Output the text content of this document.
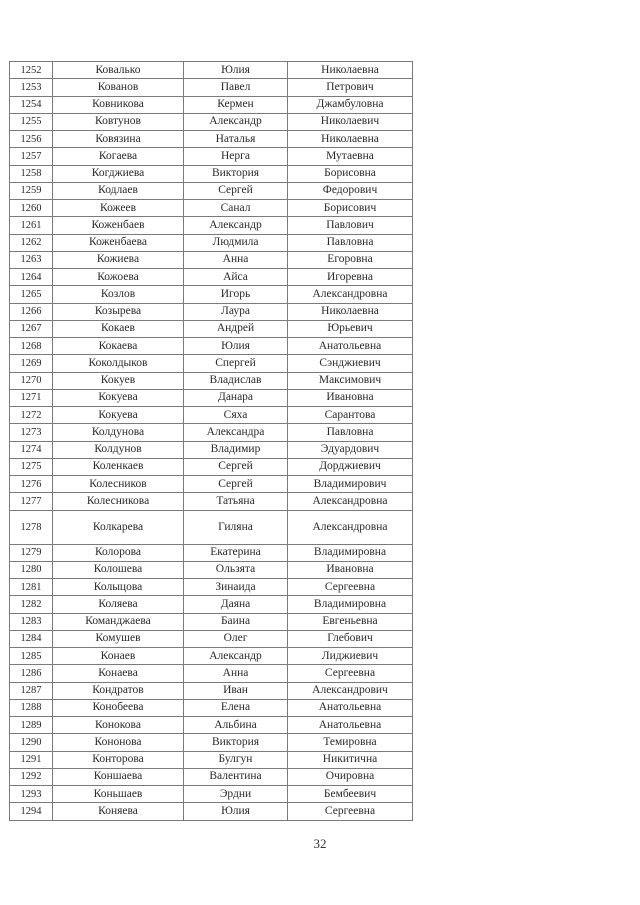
1252	Ковалько	Юлия	Николаевна
1253	Кованов	Павел	Петрович
1254	Ковникова	Кермен	Джамбуловна
1255	Ковтунов	Александр	Николаевич
1256	Ковязина	Наталья	Николаевна
1257	Когаева	Нерга	Мутаевна
1258	Когджиева	Виктория	Борисовна
1259	Кодлаев	Сергей	Федорович
1260	Кожеев	Санал	Борисович
1261	Коженбаев	Александр	Павлович
1262	Коженбаева	Людмила	Павловна
1263	Кожиева	Анна	Егоровна
1264	Кожоева	Айса	Игоревна
1265	Козлов	Игорь	Александровна
1266	Козырева	Лаура	Николаевна
1267	Кокаев	Андрей	Юрьевич
1268	Кокаева	Юлия	Анатольевна
1269	Коколдыков	Спергей	Сэнджиевич
1270	Кокуев	Владислав	Максимович
1271	Кокуева	Данара	Ивановна
1272	Кокуева	Сяха	Сарантова
1273	Колдунова	Александра	Павловна
1274	Колдунов	Владимир	Эдуардович
1275	Коленкаев	Сергей	Дорджиевич
1276	Колесников	Сергей	Владимирович
1277	Колесникова	Татьяна	Александровна
1278	Колкарева	Гиляна	Александровна
1279	Колорова	Екатерина	Владимировна
1280	Колошева	Ользята	Ивановна
1281	Колыцова	Зинаида	Сергеевна
1282	Коляева	Даяна	Владимировна
1283	Команджаева	Баина	Евгеньевна
1284	Комушев	Олег	Глебович
1285	Конаев	Александр	Лиджиевич
1286	Конаева	Анна	Сергеевна
1287	Кондратов	Иван	Александрович
1288	Конобеева	Елена	Анатольевна
1289	Конокова	Альбина	Анатольевна
1290	Кононова	Виктория	Темировна
1291	Конторова	Булгун	Никитична
1292	Коншаева	Валентина	Очировна
1293	Коньшаев	Эрдни	Бембеевич
1294	Коняева	Юлия	Сергеевна
32
